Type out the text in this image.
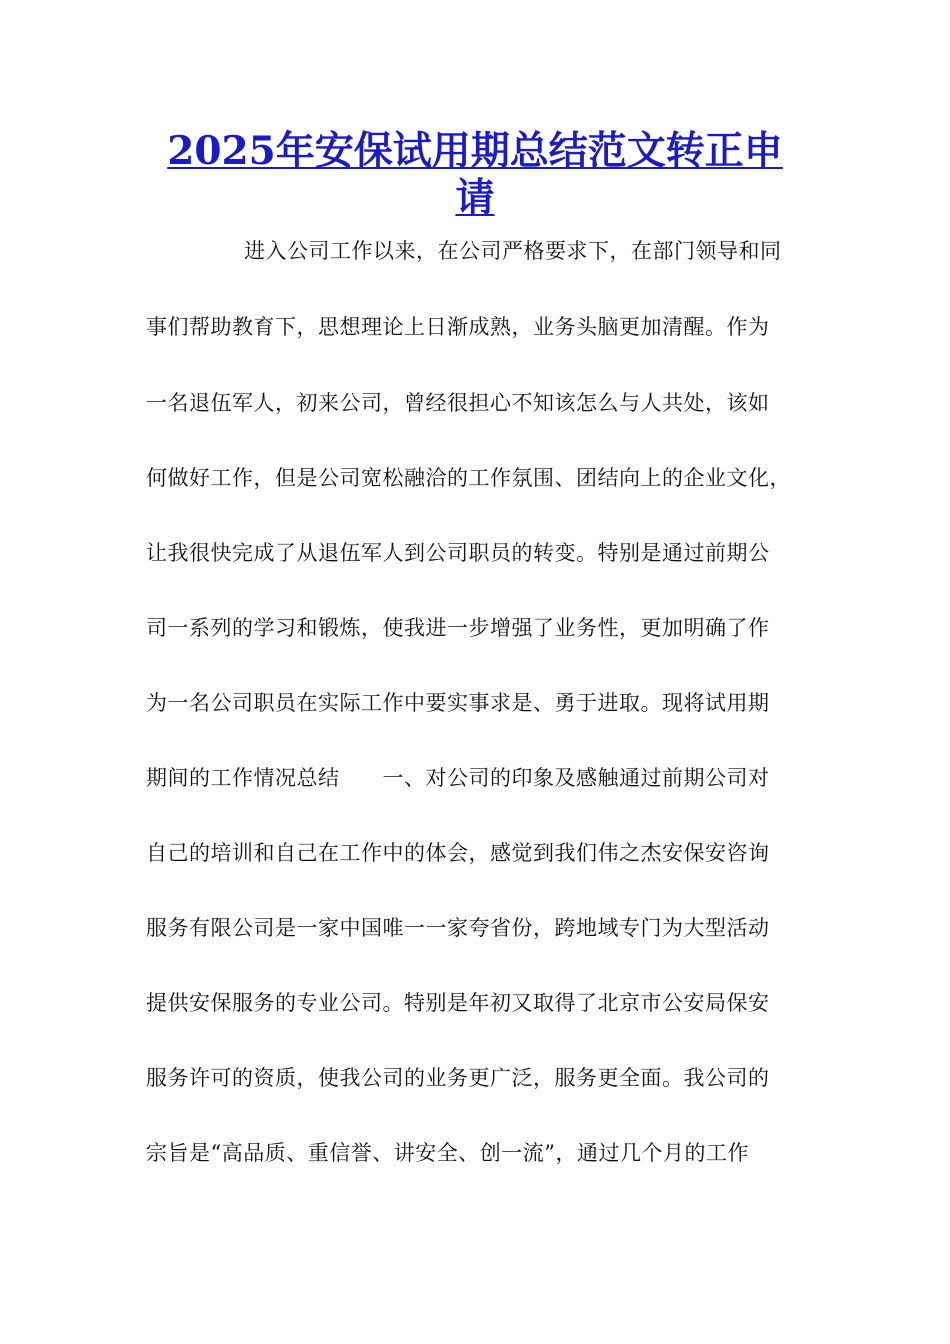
2025年安保试用期总结范文转正申请

进入公司工作以来，在公司严格要求下，在部门领导和同

事们帮助教育下，思想理论上日渐成熟，业务头脑更加清醒。作为

一名退伍军人，初来公司，曾经很担心不知该怎么与人共处，该如

何做好工作，但是公司宽松融洽的工作氛围、团结向上的企业文化，

让我很快完成了从退伍军人到公司职员的转变。特别是通过前期公

司一系列的学习和锻炼，使我进一步增强了业务性，更加明确了作

为一名公司职员在实际工作中要实事求是、勇于进取。现将试用期

期间的工作情况总结　　一、对公司的印象及感触通过前期公司对

自己的培训和自己在工作中的体会，感觉到我们伟之杰安保安咨询

服务有限公司是一家中国唯一一家夸省份，跨地域专门为大型活动

提供安保服务的专业公司。特别是年初又取得了北京市公安局保安

服务许可的资质，使我公司的业务更广泛，服务更全面。我公司的

宗旨是“高品质、重信誉、讲安全、创一流”，通过几个月的工作
